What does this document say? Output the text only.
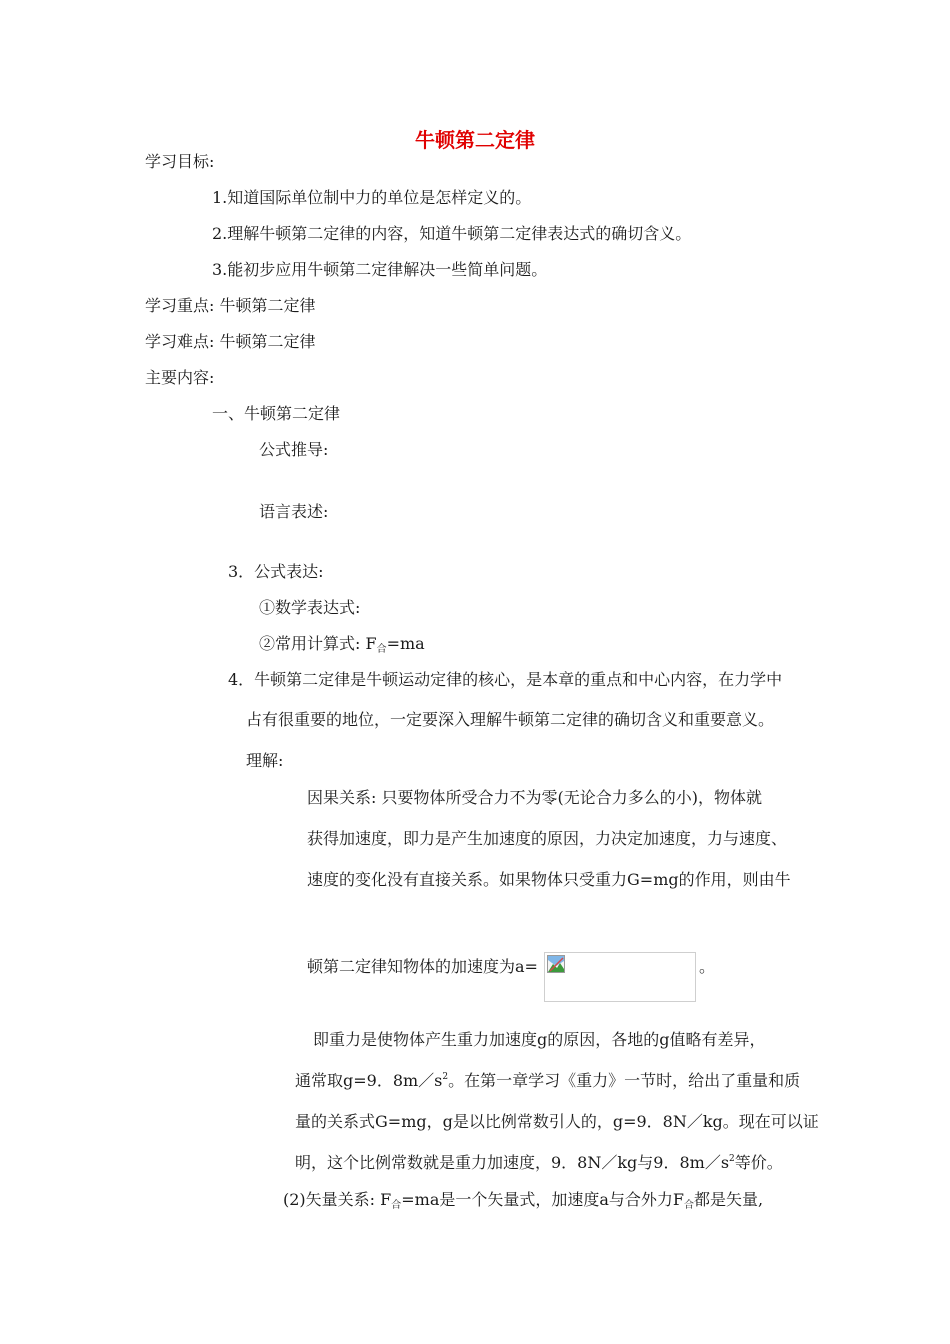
牛顿第二定律
学习目标:
1.知道国际单位制中力的单位是怎样定义的。
2.理解牛顿第二定律的内容，知道牛顿第二定律表达式的确切含义。
3.能初步应用牛顿第二定律解决一些简单问题。
学习重点: 牛顿第二定律
学习难点: 牛顿第二定律
主要内容:
一、牛顿第二定律
公式推导:
语言表述:
3．公式表达:
①数学表达式:
②常用计算式: F合=ma
4．牛顿第二定律是牛顿运动定律的核心，是本章的重点和中心内容，在力学中
占有很重要的地位，一定要深入理解牛顿第二定律的确切含义和重要意义。
理解:
因果关系: 只要物体所受合力不为零(无论合力多么的小)，物体就
获得加速度，即力是产生加速度的原因，力决定加速度，力与速度、
速度的变化没有直接关系。如果物体只受重力G=mg的作用，则由牛
顿第二定律知物体的加速度为a=	。
即重力是使物体产生重力加速度g的原因，各地的g值略有差异，
通常取g=9．$8m/s^2$。在第一章学习《重力》一节时，给出了重量和质
量的关系式G=mg，g是以比例常数引人的，g=9．8N／kg。现在可以证
明，这个比例常数就是重力加速度，9．8N／kg与9．$8m/s^2$等价。
(2)矢量关系: F合=ma是一个矢量式，加速度a与合外力F合都是矢量,
